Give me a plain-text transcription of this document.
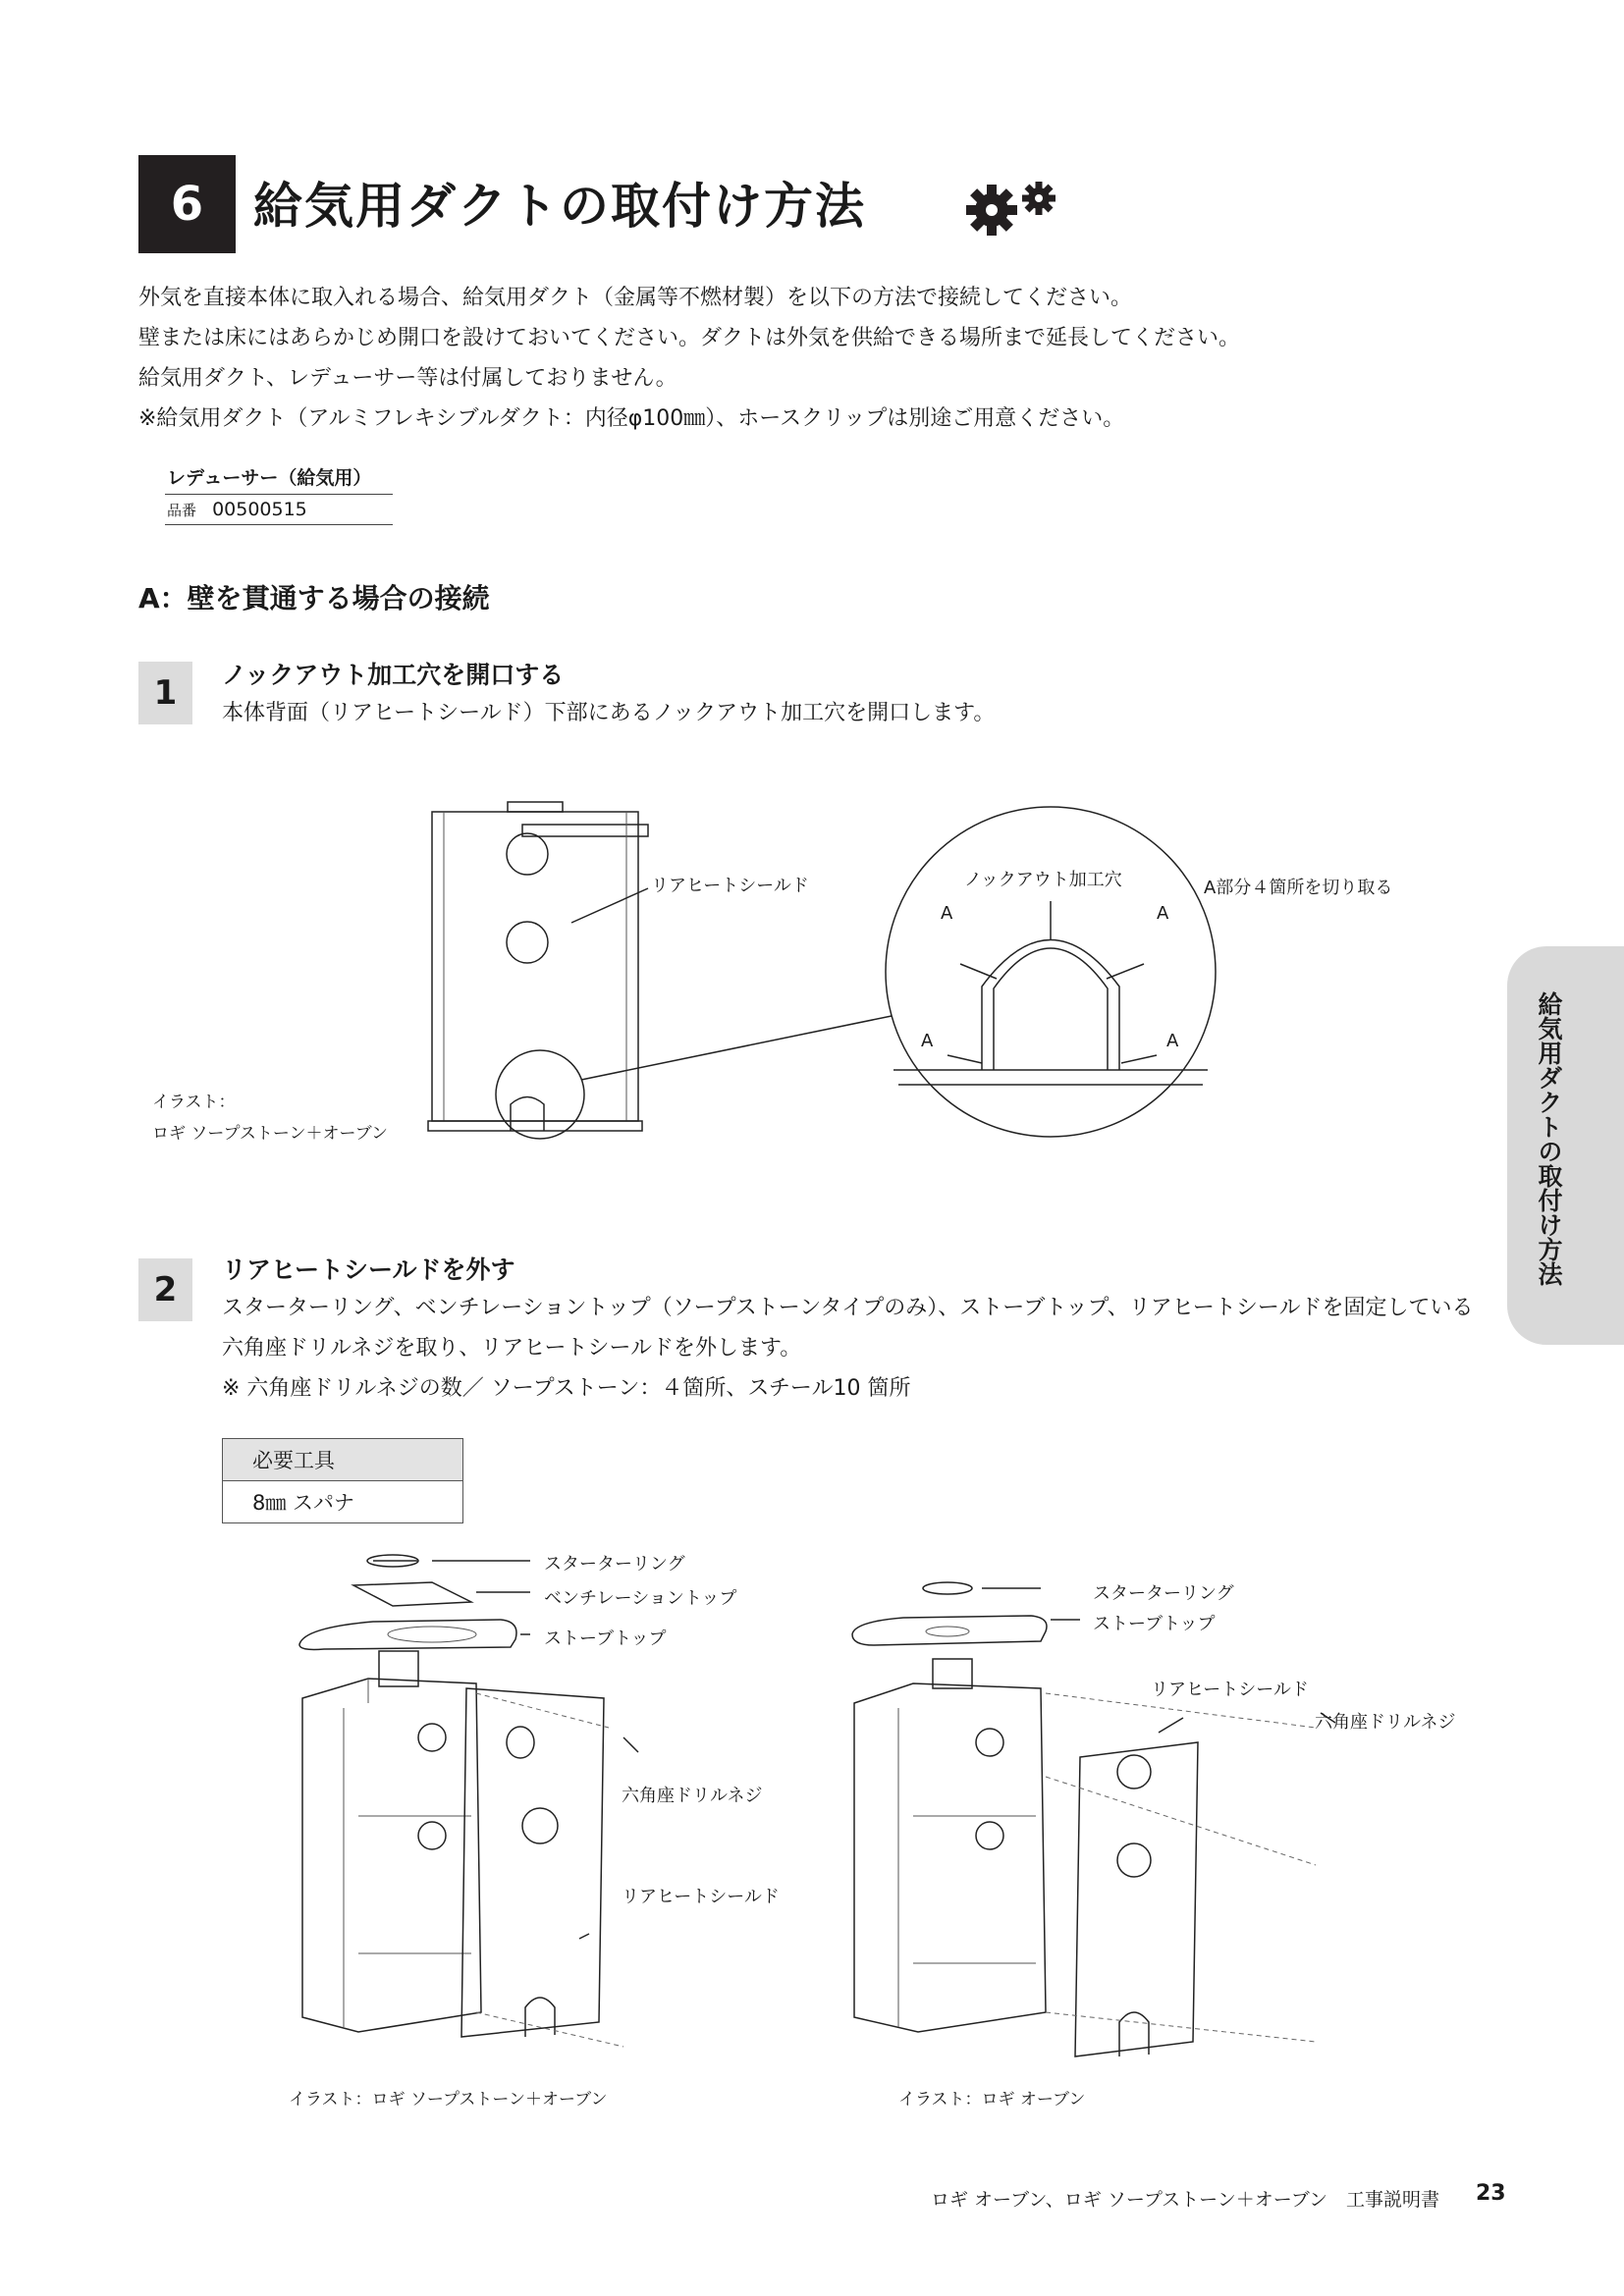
6	給気用ダクトの取付け方法
外気を直接本体に取入れる場合、給気用ダクト（金属等不燃材製）を以下の方法で接続してください。
壁または床にはあらかじめ開口を設けておいてください。ダクトは外気を供給できる場所まで延長してください。
給気用ダクト、レデューサー等は付属しておりません。
※給気用ダクト（アルミフレキシブルダクト：内径φ100㎜）、ホースクリップは別途ご用意ください。
レデューサー（給気用）
品番 00500515
A：壁を貫通する場合の接続
1	ノックアウト加工穴を開口する
本体背面（リアヒートシールド）下部にあるノックアウト加工穴を開口します。
リアヒートシールド	ノックアウト加工穴	A部分４箇所を切り取る
A	A
A	A
イラスト：
ロギ ソープストーン＋オーブン	給気用ダクトの取付け方法
2
リアヒートシールドを外す
スターターリング、ベンチレーショントップ（ソープストーンタイプのみ）、ストーブトップ、リアヒートシールドを固定している
六角座ドリルネジを取り、リアヒートシールドを外します。
※ 六角座ドリルネジの数／ ソープストーン：４箇所、スチール10 箇所
必要工具
8㎜ スパナ
スターターリング
ベンチレーショントップ
ストーブトップ
六角座ドリルネジ
リアヒートシールド
イラスト：ロギ ソープストーン＋オーブン
スターターリング
ストーブトップ
リアヒートシールド
六角座ドリルネジ
イラスト：ロギ オーブン
ロギ オーブン、ロギ ソープストーン＋オーブン　工事説明書 23
